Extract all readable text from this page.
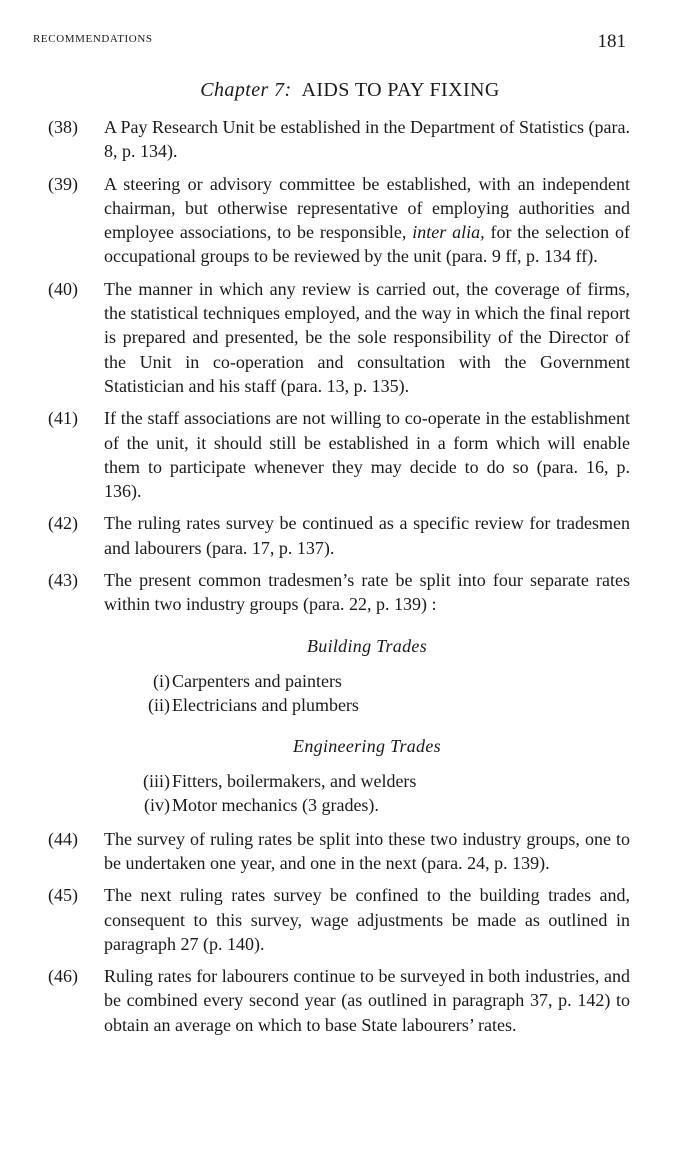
RECOMMENDATIONS	181
Chapter 7: AIDS TO PAY FIXING
(38)	A Pay Research Unit be established in the Department of Statistics (para. 8, p. 134).
(39)	A steering or advisory committee be established, with an independent chairman, but otherwise representative of employing authorities and employee associations, to be responsible, inter alia, for the selection of occupational groups to be reviewed by the unit (para. 9 ff, p. 134 ff).
(40)	The manner in which any review is carried out, the coverage of firms, the statistical techniques employed, and the way in which the final report is prepared and presented, be the sole responsibility of the Director of the Unit in co-operation and consultation with the Government Statistician and his staff (para. 13, p. 135).
(41)	If the staff associations are not willing to co-operate in the establishment of the unit, it should still be established in a form which will enable them to participate whenever they may decide to do so (para. 16, p. 136).
(42)	The ruling rates survey be continued as a specific review for tradesmen and labourers (para. 17, p. 137).
(43)	The present common tradesmen’s rate be split into four separate rates within two industry groups (para. 22, p. 139) :
Building Trades
(i) Carpenters and painters
(ii) Electricians and plumbers
Engineering Trades
(iii) Fitters, boilermakers, and welders
(iv) Motor mechanics (3 grades).
(44)	The survey of ruling rates be split into these two industry groups, one to be undertaken one year, and one in the next (para. 24, p. 139).
(45)	The next ruling rates survey be confined to the building trades and, consequent to this survey, wage adjustments be made as outlined in paragraph 27 (p. 140).
(46)	Ruling rates for labourers continue to be surveyed in both industries, and be combined every second year (as outlined in paragraph 37, p. 142) to obtain an average on which to base State labourers’ rates.
